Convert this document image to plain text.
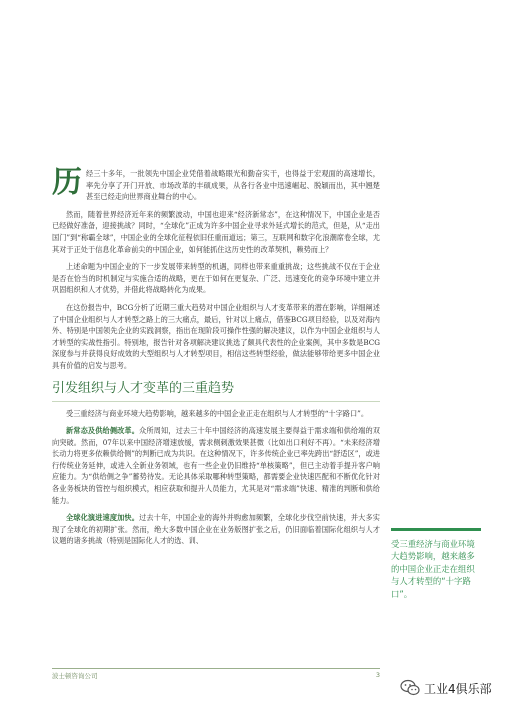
历经三十多年，一批领先中国企业凭借着战略眼光和勤奋实干，也得益于宏观面的高速增长，率先分享了开门开放、市场改革的丰硕成果，从各行各业中迅速崛起、脱颖而出，其中翘楚甚至已经走向世界商业舞台的中心。

然而，随着世界经济近年来的频繁波动，中国也迎来“经济新常态”，在这种情况下，中国企业是否已经做好准备，迎接挑战？同时，“全球化”正成为许多中国企业寻求外延式增长的范式，但是，从“走出国门”到“称霸全球”，中国企业的全球化征程依旧任重而道远；第三，互联网和数字化浪潮席卷全球，尤其对于正处于信息化革命前尖的中国企业，如何能抓住这历史性的改革契机，赖势而上？

上述命题为中国企业的下一步发展带来转型的机遇，同样也带来重重挑战；这些挑战不仅在于企业是否在恰当的时机制定与实施合适的战略，更在于如何在更复杂、广泛、迅速变化的竞争环境中建立并巩固组织和人才优势，并借此将战略转化为成果。

在这份报告中，BCG分析了近期三重大趋势对中国企业组织与人才变革带来的潜在影响，详细阐述了中国企业组织与人才转型之路上的三大痛点，最后，针对以上痛点，借鉴BCG项目经验，以及对海内外、特别是中国领先企业的实践洞察，指出在现阶段可操作性强的解决建议，以作为中国企业组织与人才转型的实战性指引。特别地，报告针对各项解决建议挑选了颇具代表性的企业案例，其中多数是BCG深度参与并获得良好成效的大型组织与人才转型项目，相信这些转型经验，做法能够带给更多中国企业具有价值的启发与思考。

引发组织与人才变革的三重趋势

受三重经济与商业环境大趋势影响，越来越多的中国企业正走在组织与人才转型的“十字路口”。

新常态及供给侧改革。众所周知，过去三十年中国经济的高速发展主要得益于需求端和供给端的双向突破。然而，07年以来中国经济增速放缓，需求侧刺激效果甚微（比如出口利好不再）。“未来经济增长动力将更多依赖供给侧”的判断已成为共识。在这种情况下，许多传统企业已率先跨出“舒适区”，或进行传统业务延伸，或进入全新业务领域，也有一些企业仍旧维持“单核策略”，但已主动着手提升客户响应能力。为“供给侧之争”蓄势待发。无论具体采取哪种转型策略，都需要企业快速匹配和不断优化针对各业务板块的管控与组织模式，相应获取和提升人员能力，尤其是对“需求端”快速、精准的判断和供给能力。

全球化演进速度加快。过去十年，中国企业的海外并购愈加频繁，全球化步伐空前快速，并大多实现了全球化的初期扩张。然而，绝大多数中国企业在业务版图扩张之后，仍旧面临着国际化组织与人才议题的诸多挑战（特别是国际化人才的选、训、	受三重经济与商业环境大趋势影响，越来越多的中国企业正走在组织与人才转型的“十字路口”。
波士顿咨询公司	3
工业4俱乐部
